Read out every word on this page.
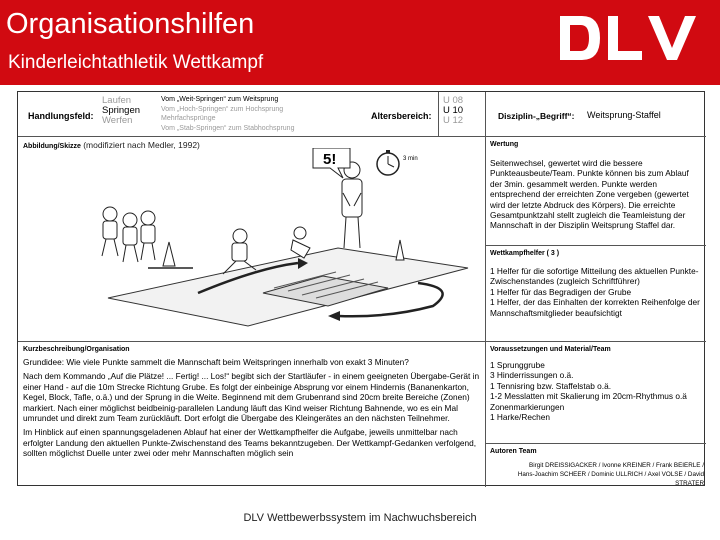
Organisationshilfen
Kinderleichtathletik Wettkampf
Handlungsfeld:
Laufen
Springen
Werfen
Vom „Weit-Springen“ zum Weitsprung
Vom „Hoch-Springen“ zum Hochsprung
Mehrfachsprünge
Vom „Stab-Springen“ zum Stabhochsprung
Altersbereich:
U 08
U 10
U 12	Disziplin-„Begriff“: Weitsprung-Staffel
Abbildung/Skizze (modifiziert nach Medler, 1992)
5!	3 min
Wertung
Seitenwechsel, gewertet wird die bessere Punkteausbeute/Team. Punkte können bis zum Ablauf der 3min. gesammelt werden. Punkte werden entsprechend der erreichten Zone vergeben (gewertet wird der letzte Abdruck des Körpers). Die erreichte Gesamtpunktzahl stellt zugleich die Teamleistung der Mannschaft in der Disziplin Weitsprung Staffel dar.
Wettkampfhelfer ( 3 )
1 Helfer für die sofortige Mitteilung des aktuellen Punkte-Zwischenstandes (zugleich Schriftführer)
1 Helfer für das Begradigen der Grube
1 Helfer, der das Einhalten der korrekten Reihenfolge der Mannschaftsmitglieder beaufsichtigt
Kurzbeschreibung/Organisation
Grundidee: Wie viele Punkte sammelt die Mannschaft beim Weitspringen innerhalb von exakt 3 Minuten?
Nach dem Kommando „Auf die Plätze! ... Fertig! ... Los!“ begibt sich der Startläufer - in einem geeigneten Übergabe-Gerät in einer Hand - auf die 10m Strecke Richtung Grube. Es folgt der einbeinige Absprung vor einem Hindernis (Bananenkarton, Kegel, Block, Tafle, o.ä.) und der Sprung in die Weite. Beginnend mit dem Grubenrand sind 20cm breite Bereiche (Zonen) markiert. Nach einer möglichst beidbeinig-parallelen Landung läuft das Kind weiser Richtung Bahnende, wo es ein Mal umrundet und direkt zum Team zurückläuft. Dort erfolgt die Übergabe des Kleingerätes an den nächsten Teilnehmer.
Im Hinblick auf einen spannungsgeladenen Ablauf hat einer der Wettkampfhelfer die Aufgabe, jeweils unmittelbar nach erfolgter Landung den aktuellen Punkte-Zwischenstand des Teams bekanntzugeben. Der Wettkampf-Gedanken verfolgend, sollten möglichst Duelle unter zwei oder mehr Mannschaften möglich sein
Voraussetzungen und Material/Team
1 Sprunggrube
3 Hinderrissungen o.ä.
1 Tennisring bzw. Staffelstab o.ä.
1-2 Messlatten mit Skalierung im 20cm-Rhythmus o.ä
Zonenmarkierungen
1 Harke/Rechen
Autoren Team
Birgit DREISSIGACKER / Ivonne KREINER / Frank BEIERLE /
Hans-Joachim SCHEER / Dominic ULLRICH / Axel VOLSE / David STRATER
DLV Wettbewerbssystem im Nachwuchsbereich
